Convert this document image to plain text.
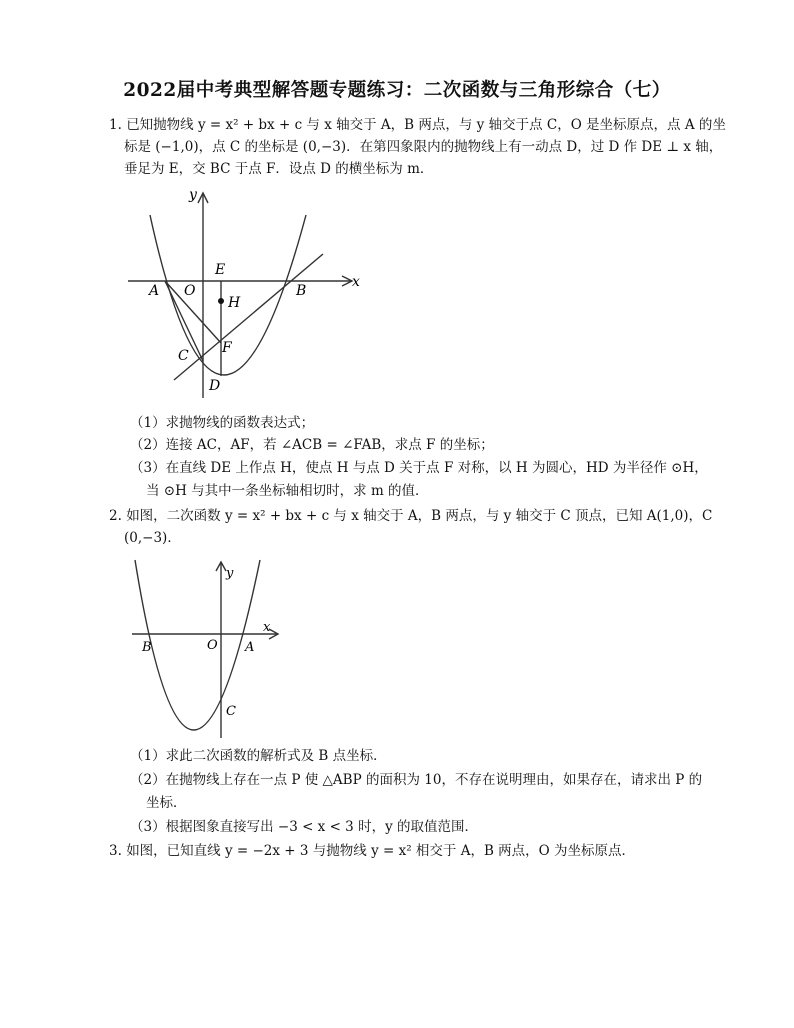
2022届中考典型解答题专题练习：二次函数与三角形综合（七）
1. 已知抛物线 y = x² + bx + c 与 x 轴交于 A，B 两点，与 y 轴交于点 C，O 是坐标原点，点 A 的坐
标是 (−1,0)，点 C 的坐标是 (0,−3)．在第四象限内的抛物线上有一动点 D，过 D 作 DE ⊥ x 轴，
垂足为 E，交 BC 于点 F．设点 D 的横坐标为 m．
y
x
A O
E
B
H
C F
D
（1）求抛物线的函数表达式；
（2）连接 AC，AF，若 ∠ACB = ∠FAB，求点 F 的坐标；
（3）在直线 DE 上作点 H，使点 H 与点 D 关于点 F 对称，以 H 为圆心，HD 为半径作 ⊙H，
当 ⊙H 与其中一条坐标轴相切时，求 m 的值．
2. 如图，二次函数 y = x² + bx + c 与 x 轴交于 A，B 两点，与 y 轴交于 C 顶点，已知 A(1,0)，C
(0,−3)．
y
x
B	O A
C
（1）求此二次函数的解析式及 B 点坐标．
（2）在抛物线上存在一点 P 使 △ABP 的面积为 10，不存在说明理由，如果存在，请求出 P 的
坐标．
（3）根据图象直接写出 −3 < x < 3 时，y 的取值范围．
3. 如图，已知直线 y = −2x + 3 与抛物线 y = x² 相交于 A，B 两点，O 为坐标原点．
